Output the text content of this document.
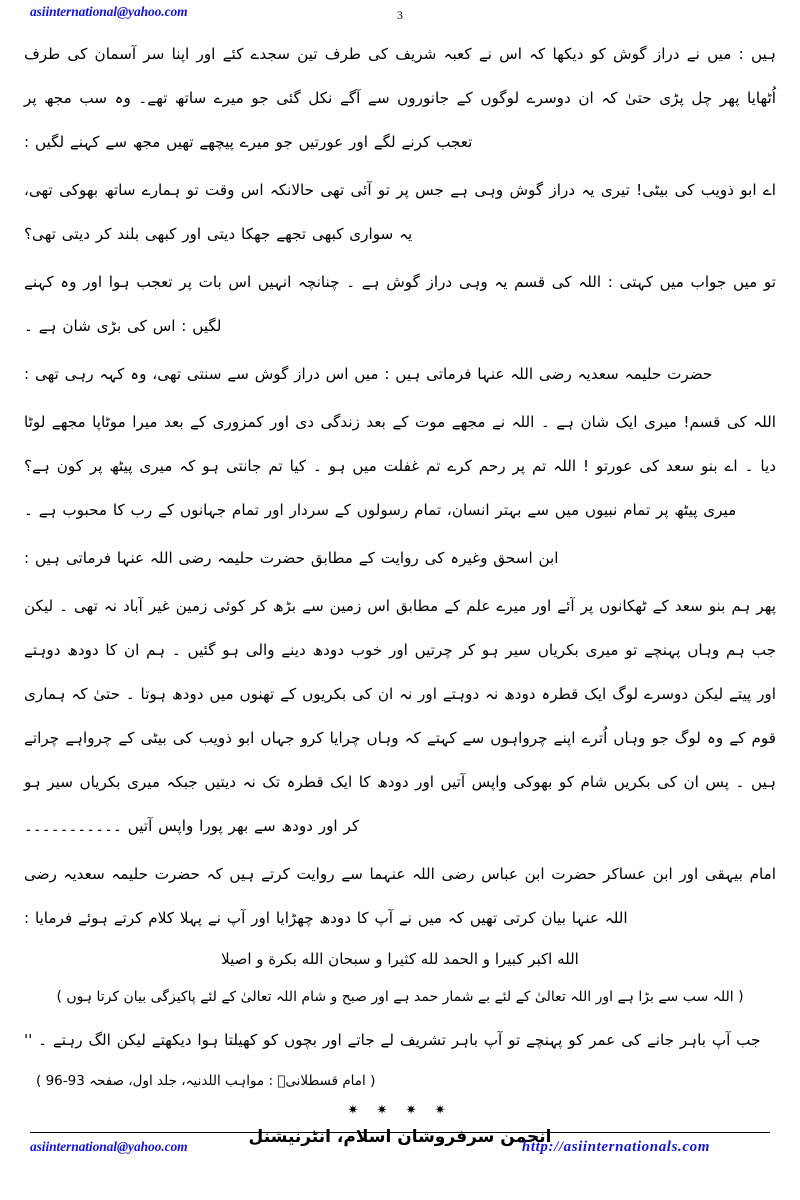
asiinternational@yahoo.com	3

ہیں : میں نے دراز گوش کو دیکھا کہ اس نے کعبہ شریف کی طرف تین سجدے کئے اور اپنا سر آسمان کی طرف اُٹھایا پھر چل پڑی حتیٰ کہ ان دوسرے لوگوں کے جانوروں سے آگے نکل گئی جو میرے ساتھ تھے۔ وہ سب مجھ پر تعجب کرنے لگے اور عورتیں جو میرے پیچھے تھیں مجھ سے کہنے لگیں :

اے ابو ذویب کی بیٹی! تیری یہ دراز گوش وہی ہے جس پر تو آئی تھی حالانکہ اس وقت تو ہمارے ساتھ بھوکی تھی، یہ سواری کبھی تجھے جھکا دیتی اور کبھی بلند کر دیتی تھی؟

تو میں جواب میں کہتی : اللہ کی قسم یہ وہی دراز گوش ہے ۔ چنانچہ انہیں اس بات پر تعجب ہوا اور وہ کہنے لگیں : اس کی بڑی شان ہے ۔

حضرت حلیمہ سعدیہ رضی اللہ عنہا فرماتی ہیں : میں اس دراز گوش سے سنتی تھی، وہ کہہ رہی تھی :

اللہ کی قسم! میری ایک شان ہے ۔ اللہ نے مجھے موت کے بعد زندگی دی اور کمزوری کے بعد میرا موٹاپا مجھے لوٹا دیا ۔ اے بنو سعد کی عورتو ! اللہ تم پر رحم کرے تم غفلت میں ہو ۔ کیا تم جانتی ہو کہ میری پیٹھ پر کون ہے؟ میری پیٹھ پر تمام نبیوں میں سے بہتر انسان، تمام رسولوں کے سردار اور تمام جہانوں کے رب کا محبوب ہے ۔

ابن اسحق وغیرہ کی روایت کے مطابق حضرت حلیمہ رضی اللہ عنہا فرماتی ہیں :

پھر ہم بنو سعد کے ٹھکانوں پر آئے اور میرے علم کے مطابق اس زمین سے بڑھ کر کوئی زمین غیر آباد نہ تھی ۔ لیکن جب ہم وہاں پہنچے تو میری بکریاں سیر ہو کر چرتیں اور خوب دودھ دینے والی ہو گئیں ۔ ہم ان کا دودھ دوہتے اور پیتے لیکن دوسرے لوگ ایک قطرہ دودھ نہ دوہتے اور نہ ان کی بکریوں کے تھنوں میں دودھ ہوتا ۔ حتیٰ کہ ہماری قوم کے وہ لوگ جو وہاں اُترے اپنے چرواہوں سے کہتے کہ وہاں چرایا کرو جہاں ابو ذویب کی بیٹی کے چرواہے چراتے ہیں ۔ پس ان کی بکریں شام کو بھوکی واپس آتیں اور دودھ کا ایک قطرہ تک نہ دیتیں جبکہ میری بکریاں سیر ہو کر اور دودھ سے بھر پورا واپس آتیں ۔۔۔۔۔۔۔۔۔۔۔

امام بیہقی اور ابن عساکر حضرت ابن عباس رضی اللہ عنہما سے روایت کرتے ہیں کہ حضرت حلیمہ سعدیہ رضی اللہ عنہا بیان کرتی تھیں کہ میں نے آپ کا دودھ چھڑایا اور آپ نے پہلا کلام کرتے ہوئے فرمایا :

الله اكبر كبيرا و الحمد لله كثيرا و سبحان الله بكرة و اصيلا
( اللہ سب سے بڑا ہے اور اللہ تعالیٰ کے لئے بے شمار حمد ہے اور صبح و شام اللہ تعالیٰ کے لئے پاکیزگی بیان کرتا ہوں )

جب آپ باہر جانے کی عمر کو پہنچے تو آپ باہر تشریف لے جاتے اور بچوں کو کھیلتا ہوا دیکھتے لیکن الگ رہتے ۔ ''

( امام قسطلانیؒ : مواہب اللدنیہ، جلد اول، صفحہ 93-96 )
✷ ✷ ✷ ✷
انجمن سرفروشان اسلام، انٹرنیشنل
asiinternational@yahoo.com	http://asiinternationals.com
